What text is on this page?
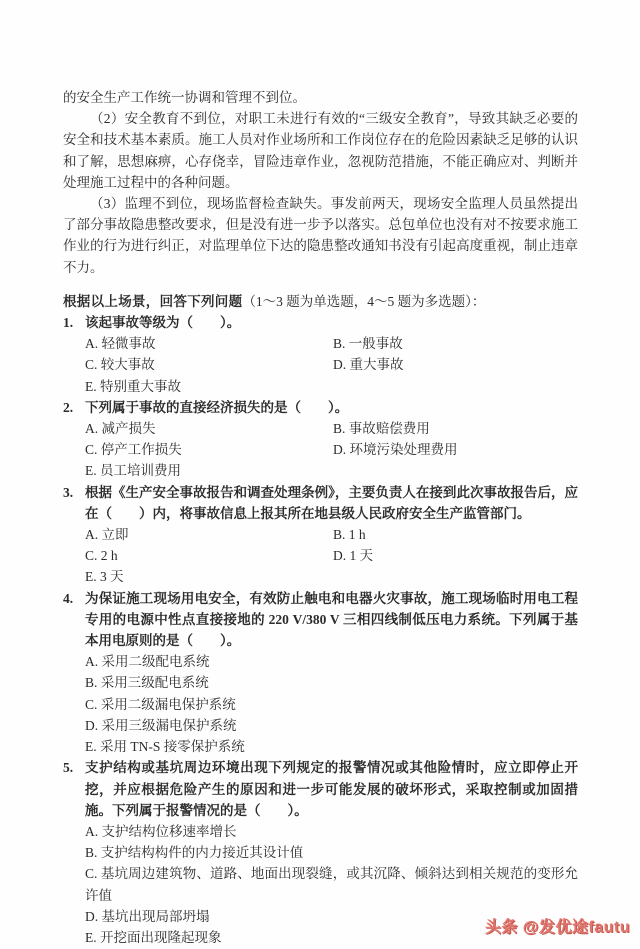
的安全生产工作统一协调和管理不到位。

（2）安全教育不到位，对职工未进行有效的“三级安全教育”，导致其缺乏必要的安全和技术基本素质。施工人员对作业场所和工作岗位存在的危险因素缺乏足够的认识和了解，思想麻痹，心存侥幸，冒险违章作业，忽视防范措施，不能正确应对、判断并处理施工过程中的各种问题。

（3）监理不到位，现场监督检查缺失。事发前两天，现场安全监理人员虽然提出了部分事故隐患整改要求，但是没有进一步予以落实。总包单位也没有对不按要求施工作业的行为进行纠正，对监理单位下达的隐患整改通知书没有引起高度重视，制止违章不力。

根据以上场景，回答下列问题（1～3 题为单选题，4～5 题为多选题）：

1. 该起事故等级为（　　）。
A. 轻微事故	B. 一般事故
C. 较大事故	D. 重大事故
E. 特别重大事故
2. 下列属于事故的直接经济损失的是（　　）。
A. 减产损失	B. 事故赔偿费用
C. 停产工作损失	D. 环境污染处理费用
E. 员工培训费用
3. 根据《生产安全事故报告和调查处理条例》，主要负责人在接到此次事故报告后，应在（　　）内，将事故信息上报其所在地县级人民政府安全生产监管部门。
A. 立即	B. 1 h
C. 2 h	D. 1 天
E. 3 天
4. 为保证施工现场用电安全，有效防止触电和电器火灾事故，施工现场临时用电工程专用的电源中性点直接接地的 220 V/380 V 三相四线制低压电力系统。下列属于基本用电原则的是（　　）。
A. 采用二级配电系统
B. 采用三级配电系统
C. 采用二级漏电保护系统
D. 采用三级漏电保护系统
E. 采用 TN-S 接零保护系统
5. 支护结构或基坑周边环境出现下列规定的报警情况或其他险情时，应立即停止开挖，并应根据危险产生的原因和进一步可能发展的破坏形式，采取控制或加固措施。下列属于报警情况的是（　　）。
A. 支护结构位移速率增长
B. 支护结构构件的内力接近其设计值
C. 基坑周边建筑物、道路、地面出现裂缝，或其沉降、倾斜达到相关规范的变形允许值
D. 基坑出现局部坍塌
E. 开挖面出现隆起现象
头条 @发优途fautu
